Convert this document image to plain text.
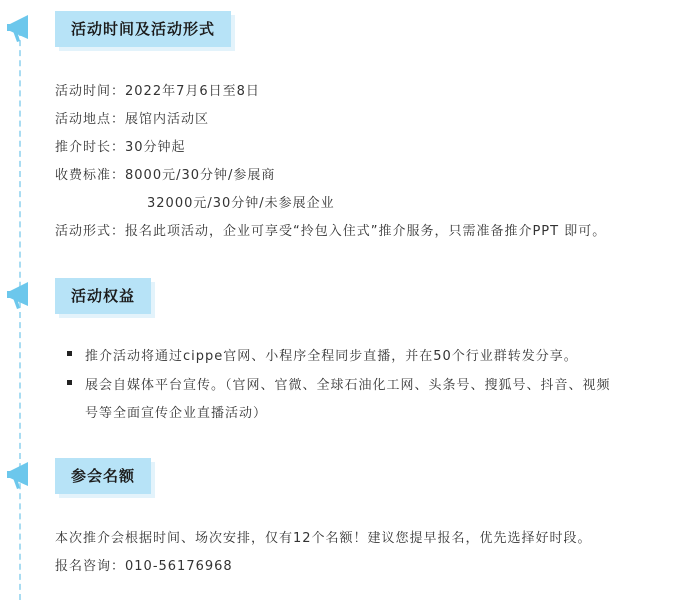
活动时间及活动形式
活动时间：2022年7月6日至8日
活动地点：展馆内活动区
推介时长：30分钟起
收费标准：8000元/30分钟/参展商
32000元/30分钟/未参展企业
活动形式：报名此项活动，企业可享受“拎包入住式”推介服务，只需准备推介PPT 即可。
活动权益
推介活动将通过cippe官网、小程序全程同步直播，并在50个行业群转发分享。
展会自媒体平台宣传。（官网、官微、全球石油化工网、头条号、搜狐号、抖音、视频
号等全面宣传企业直播活动）
参会名额
本次推介会根据时间、场次安排，仅有12个名额！建议您提早报名，优先选择好时段。
报名咨询：010-56176968
